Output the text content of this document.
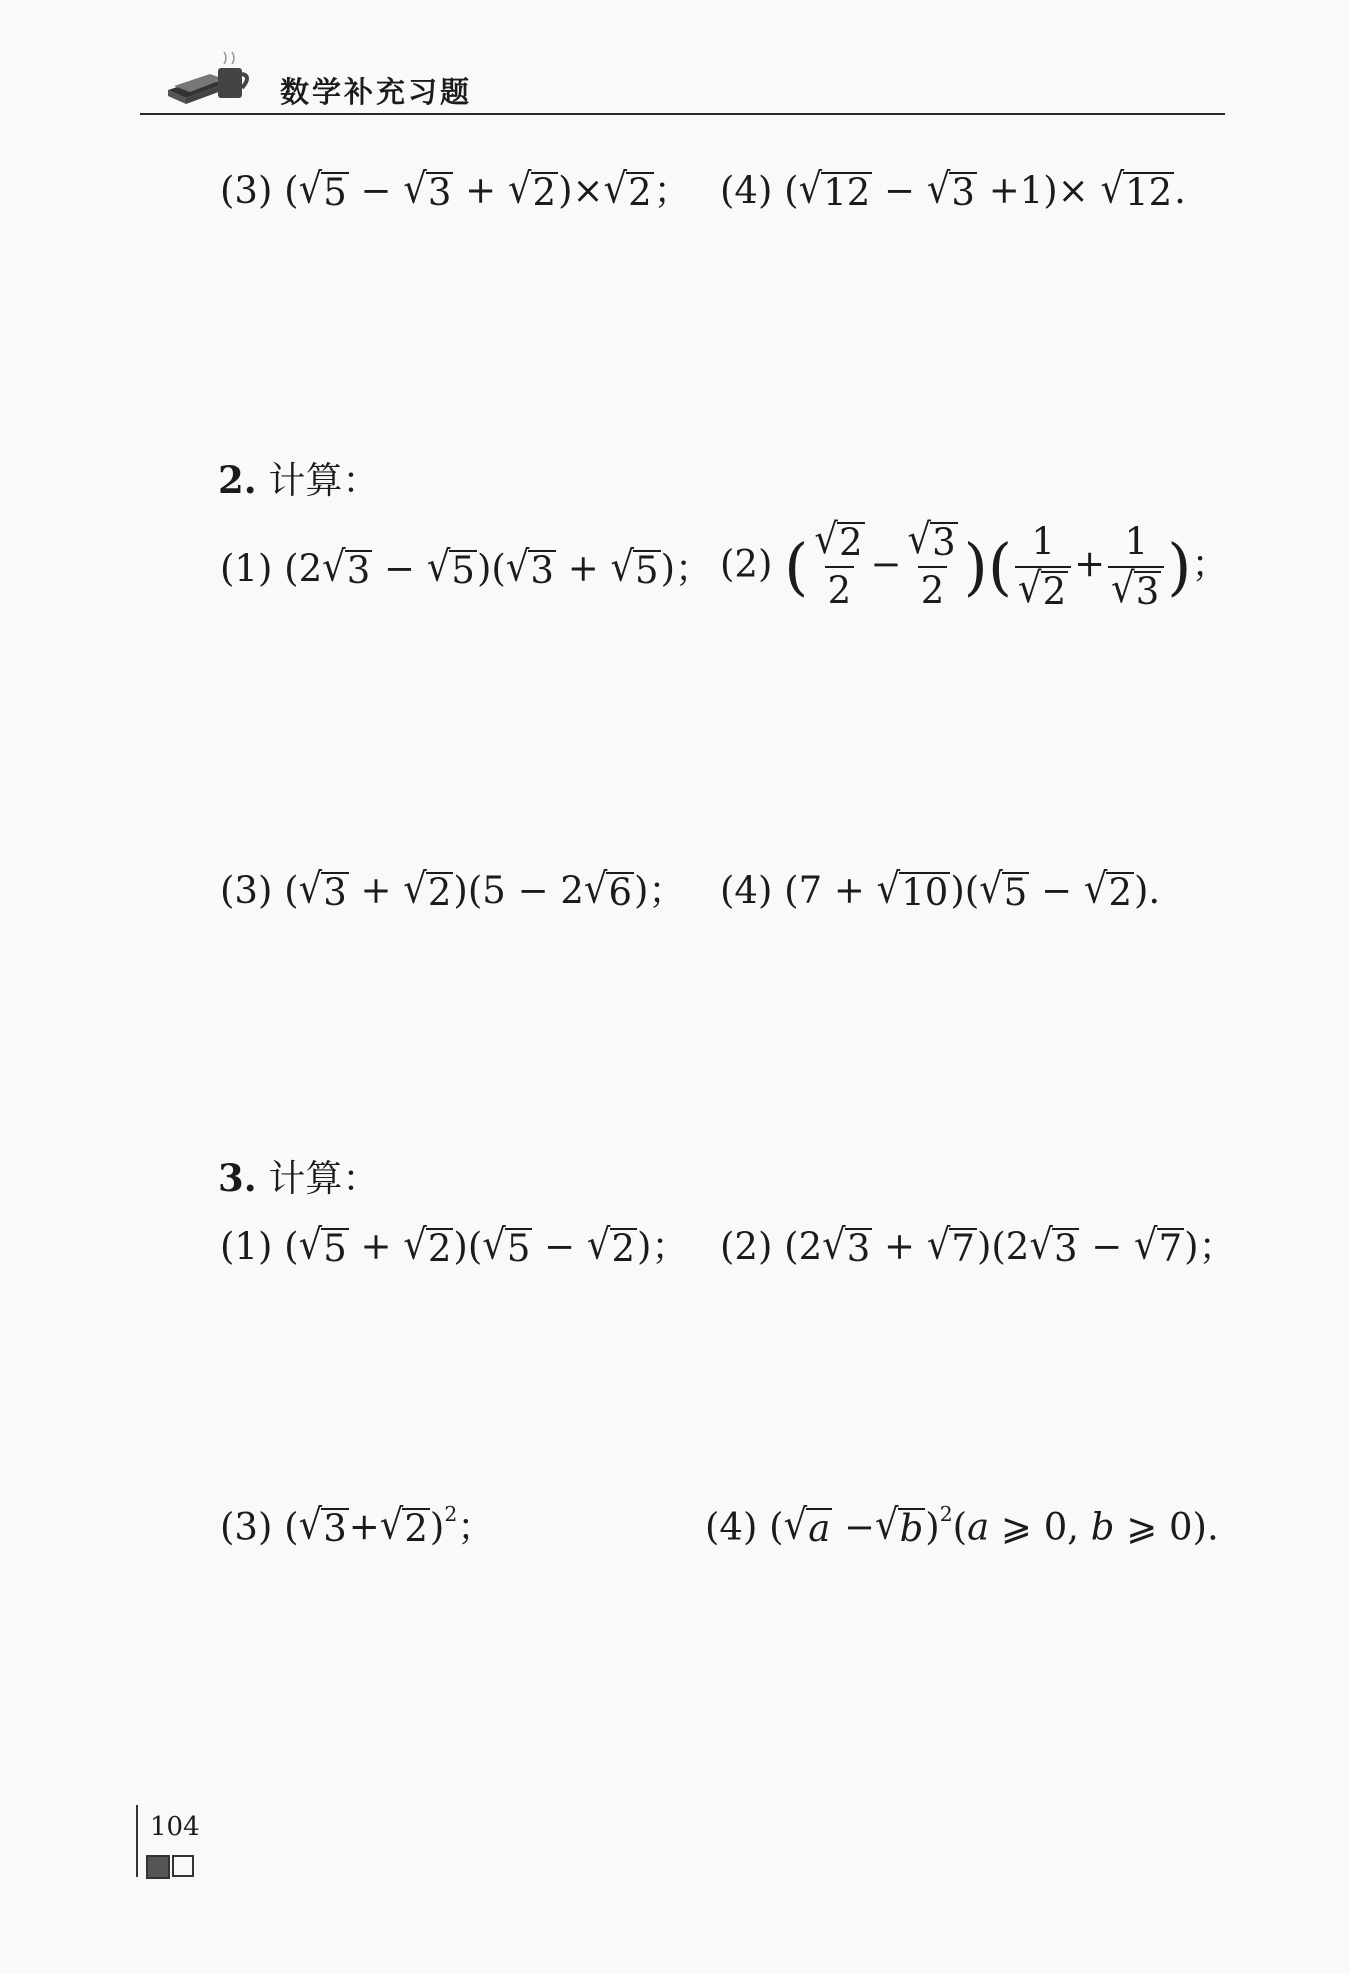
数学补充习题
(3) ( √ 5 − √ 3 + √ 2 )× √ 2 ； (4) ( √ 12 − √ 3 +1)× √ 12 .
2. 计算：
(1) (2 √ 3 − √ 5 )( √ 3 + √ 5 )； (2) ( $\frac{√ 2}{2} - \frac{√ 3}{2}$ )( $\frac{1}{√ 2} + \frac{1}{√ 3}$ )；
(3) ( √ 3 + √ 2 )(5 − 2 √ 6 )； (4) (7 + √ 10 )( √ 5 − √ 2 ).
3. 计算：
(1) ( √ 5 + √ 2 )( √ 5 − √ 2 )； (2) (2 √ 3 + √ 7 )(2 √ 3 − √ 7 )；
(3) ( √ 3 + √ 2 )$^2$；	(4) ( √ a − √ b )$^2$(a ⩾ 0, b ⩾ 0).
104
